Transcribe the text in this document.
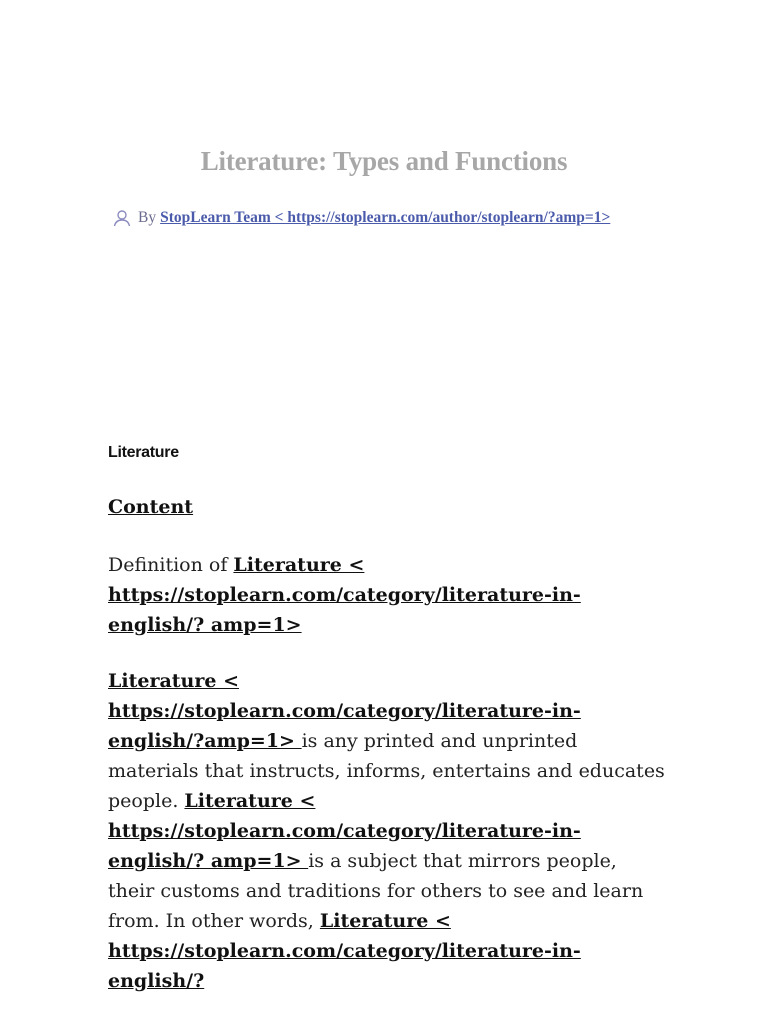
Literature: Types and Functions
By StopLearn Team < https://stoplearn.com/author/stoplearn/?amp=1>
Literature
Content

Definition of Literature < https://stoplearn.com/category/literature-in-english/? amp=1>

Literature < https://stoplearn.com/category/literature-in-english/?amp=1> is any printed and unprinted materials that instructs, informs, entertains and educates people. Literature < https://stoplearn.com/category/literature-in-english/? amp=1> is a subject that mirrors people, their customs and traditions for others to see and learn from. In other words, Literature < https://stoplearn.com/category/literature-in-english/?
